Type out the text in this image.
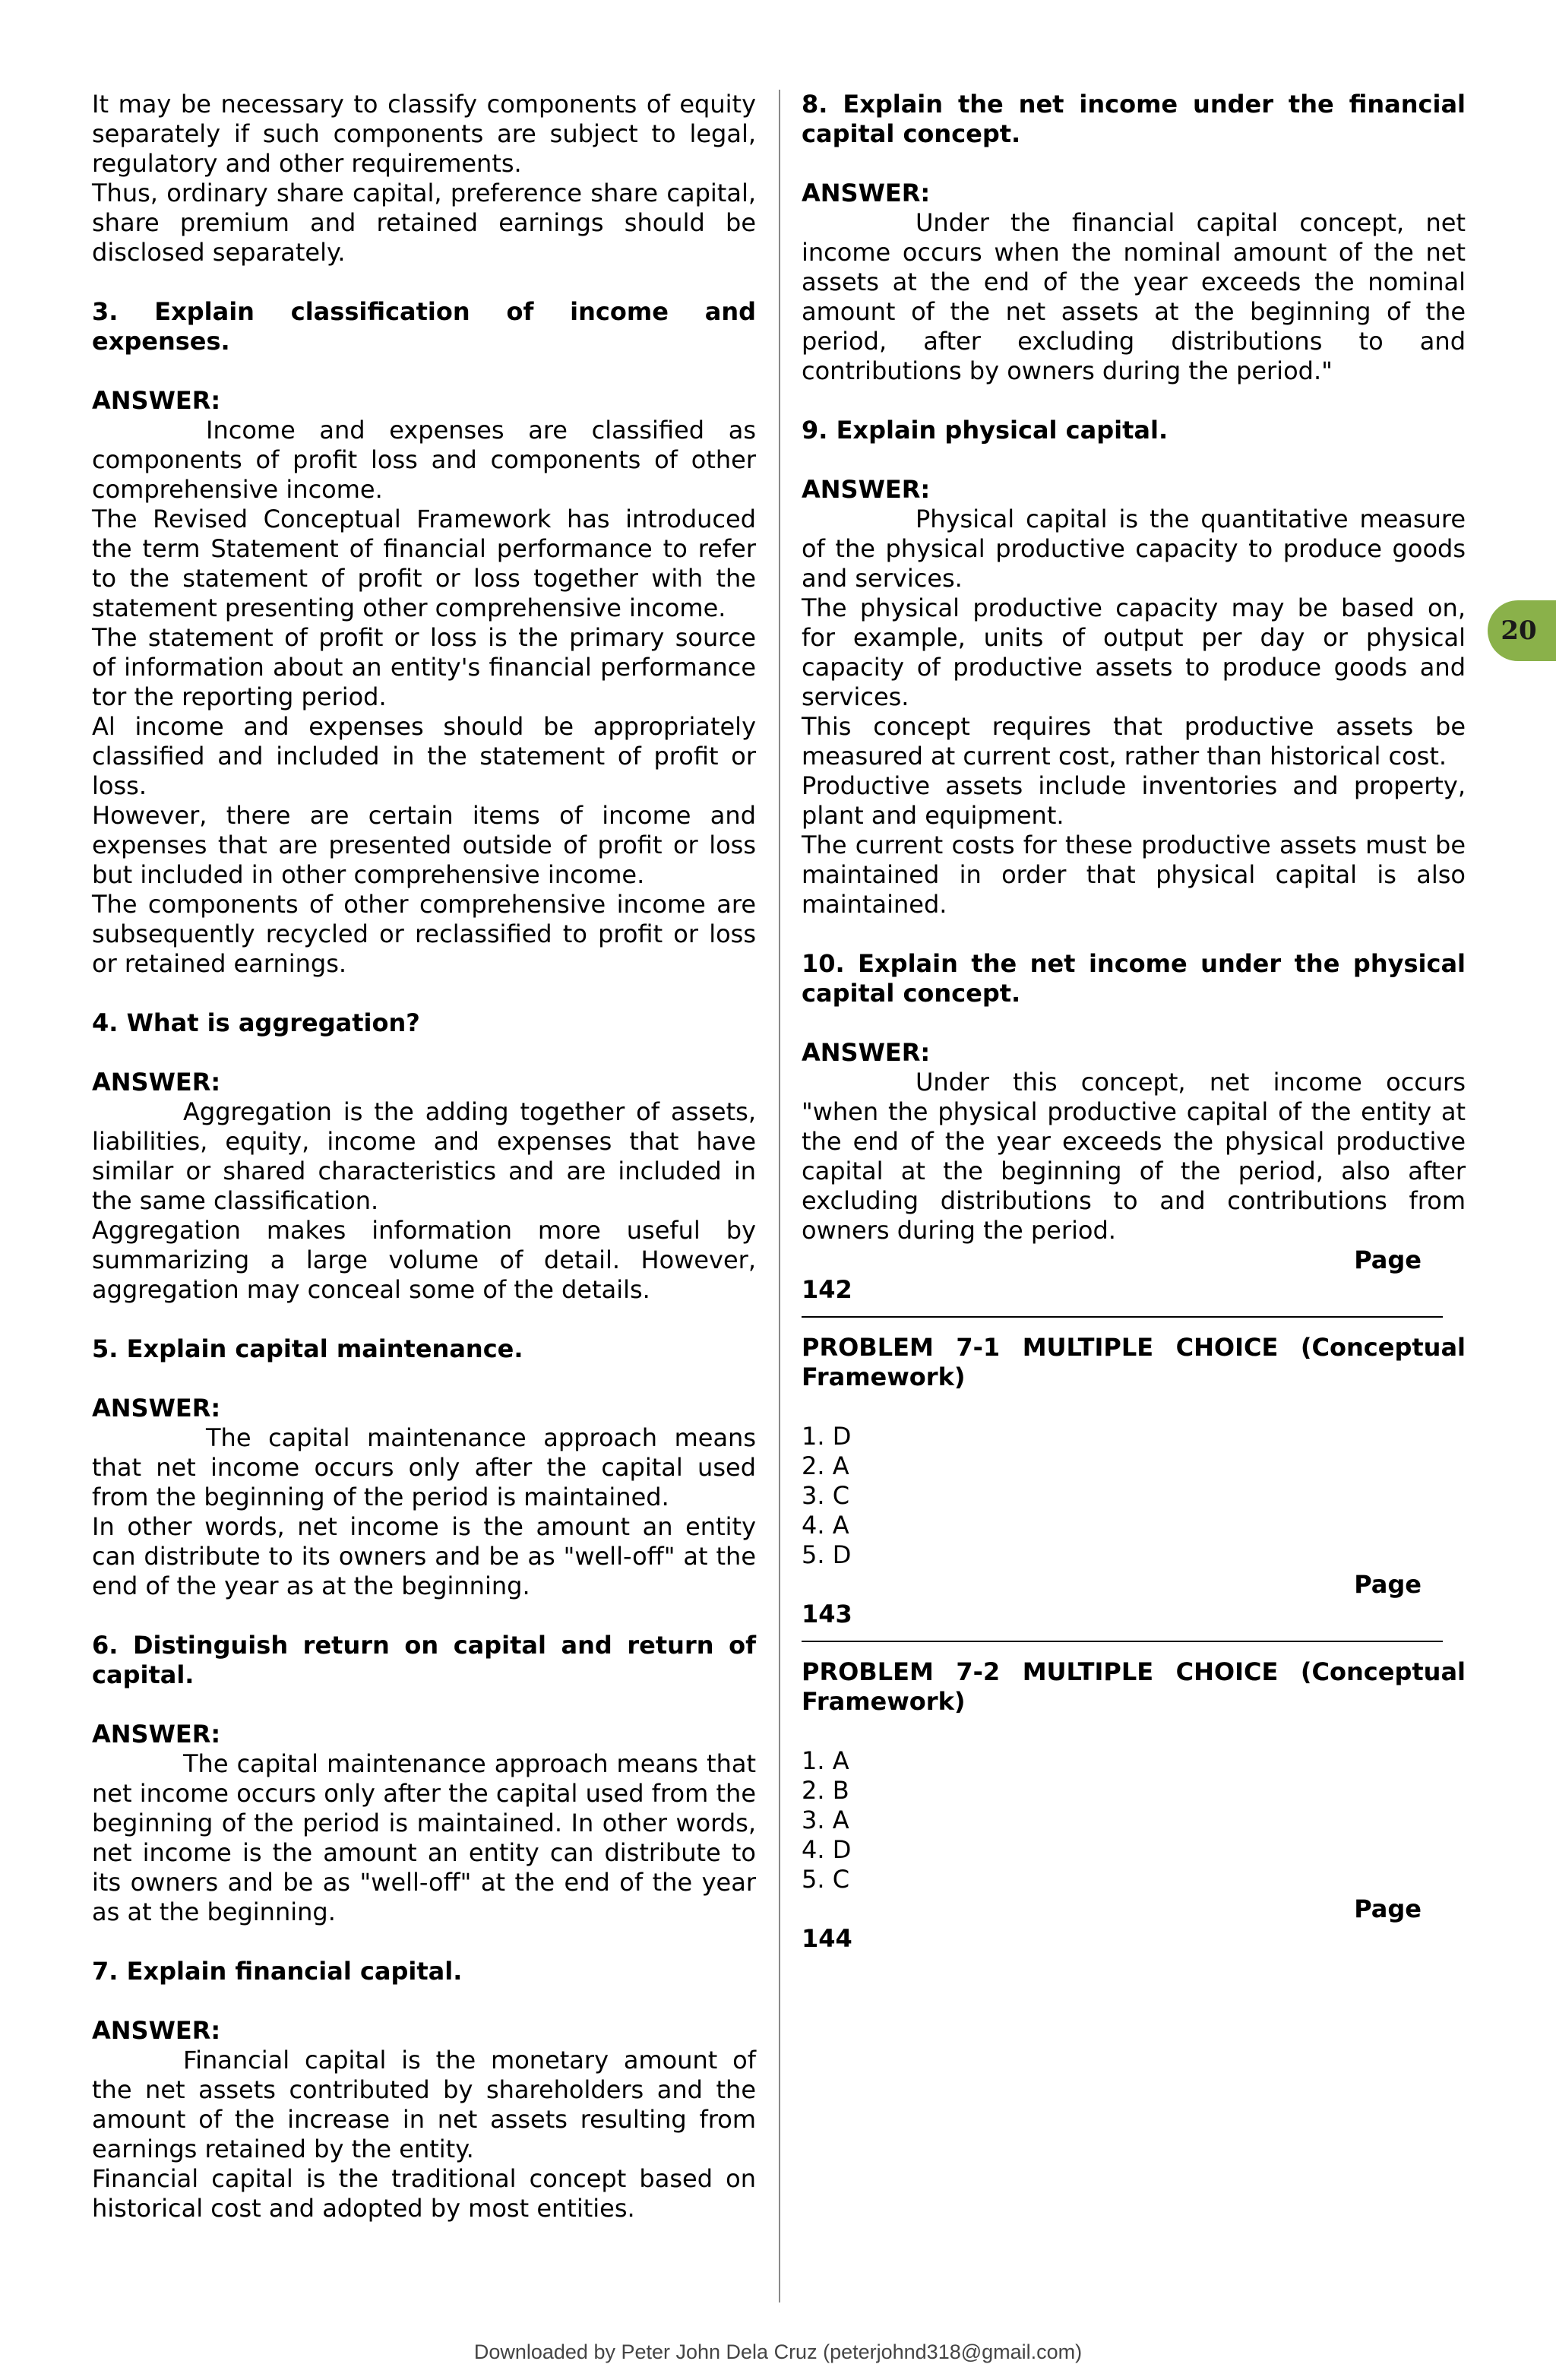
It may be necessary to classify components of equity separately if such components are subject to legal, regulatory and other requirements.

Thus, ordinary share capital, preference share capital, share premium and retained earnings should be disclosed separately.

3. Explain classification of income and expenses.

ANSWER:

Income and expenses are classified as components of profit loss and components of other comprehensive income.

The Revised Conceptual Framework has introduced the term Statement of financial performance to refer to the statement of profit or loss together with the statement presenting other comprehensive income.

The statement of profit or loss is the primary source of information about an entity's financial performance tor the reporting period.

Al income and expenses should be appropriately classified and included in the statement of profit or loss.

However, there are certain items of income and expenses that are presented outside of profit or loss but included in other comprehensive income.

The components of other comprehensive income are subsequently recycled or reclassified to profit or loss or retained earnings.

4. What is aggregation?

ANSWER:

Aggregation is the adding together of assets, liabilities, equity, income and expenses that have similar or shared characteristics and are included in the same classification.

Aggregation makes information more useful by summarizing a large volume of detail. However, aggregation may conceal some of the details.

5. Explain capital maintenance.

ANSWER:

The capital maintenance approach means that net income occurs only after the capital used from the beginning of the period is maintained.

In other words, net income is the amount an entity can distribute to its owners and be as "well-off" at the end of the year as at the beginning.

6. Distinguish return on capital and return of capital.

ANSWER:

The capital maintenance approach means that net income occurs only after the capital used from the beginning of the period is maintained. In other words, net income is the amount an entity can distribute to its owners and be as "well-off" at the end of the year as at the beginning.

7. Explain financial capital.

ANSWER:

Financial capital is the monetary amount of the net assets contributed by shareholders and the amount of the increase in net assets resulting from earnings retained by the entity.

Financial capital is the traditional concept based on historical cost and adopted by most entities.

8. Explain the net income under the financial capital concept.

ANSWER:

Under the financial capital concept, net income occurs when the nominal amount of the net assets at the end of the year exceeds the nominal amount of the net assets at the beginning of the period, after excluding distributions to and contributions by owners during the period."

9. Explain physical capital.

ANSWER:

Physical capital is the quantitative measure of the physical productive capacity to produce goods and services.

The physical productive capacity may be based on, for example, units of output per day or physical capacity of productive assets to produce goods and services.

This concept requires that productive assets be measured at current cost, rather than historical cost.

Productive assets include inventories and property, plant and equipment.

The current costs for these productive assets must be maintained in order that physical capital is also maintained.

10. Explain the net income under the physical capital concept.

ANSWER:

Under this concept, net income occurs "when the physical productive capital of the entity at the end of the year exceeds the physical productive capital at the beginning of the period, also after excluding distributions to and contributions from owners during the period.

Page

142

PROBLEM 7-1 MULTIPLE CHOICE (Conceptual Framework)

1. D

2. A

3. C

4. A

5. D

Page

143

PROBLEM 7-2 MULTIPLE CHOICE (Conceptual Framework)

1. A

2. B

3. A

4. D

5. C

Page

144

20
Downloaded by Peter John Dela Cruz (peterjohnd318@gmail.com)
